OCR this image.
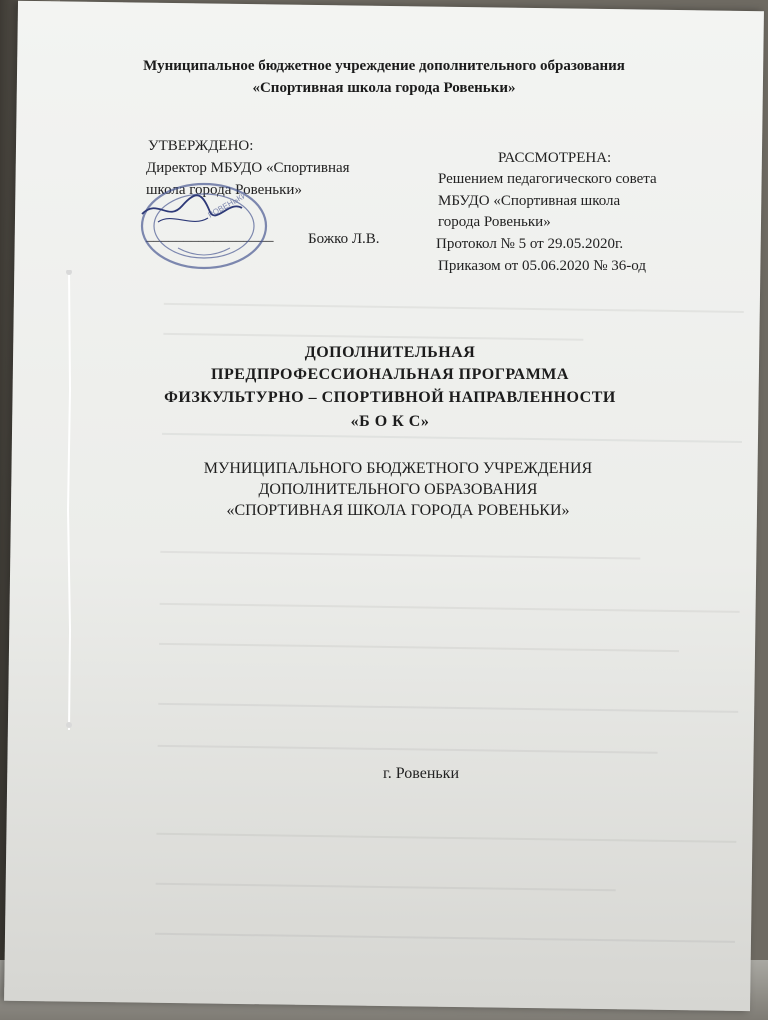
Муниципальное бюджетное учреждение дополнительного образования
«Спортивная школа города Ровеньки»
УТВЕРЖДЕНО:
Директор МБУДО «Спортивная
школа города Ровеньки»
_________________ Божко Л.В.
РОВЕНЬКИ
РАССМОТРЕНА:
Решением педагогического совета
МБУДО «Спортивная школа
города Ровеньки»
Протокол № 5 от 29.05.2020г.
Приказом от 05.06.2020 № 36-од
ДОПОЛНИТЕЛЬНАЯ
ПРЕДПРОФЕССИОНАЛЬНАЯ ПРОГРАММА
ФИЗКУЛЬТУРНО – СПОРТИВНОЙ НАПРАВЛЕННОСТИ
«Б О К С»
МУНИЦИПАЛЬНОГО БЮДЖЕТНОГО УЧРЕЖДЕНИЯ
ДОПОЛНИТЕЛЬНОГО ОБРАЗОВАНИЯ
«СПОРТИВНАЯ ШКОЛА ГОРОДА РОВЕНЬКИ»
г. Ровеньки
